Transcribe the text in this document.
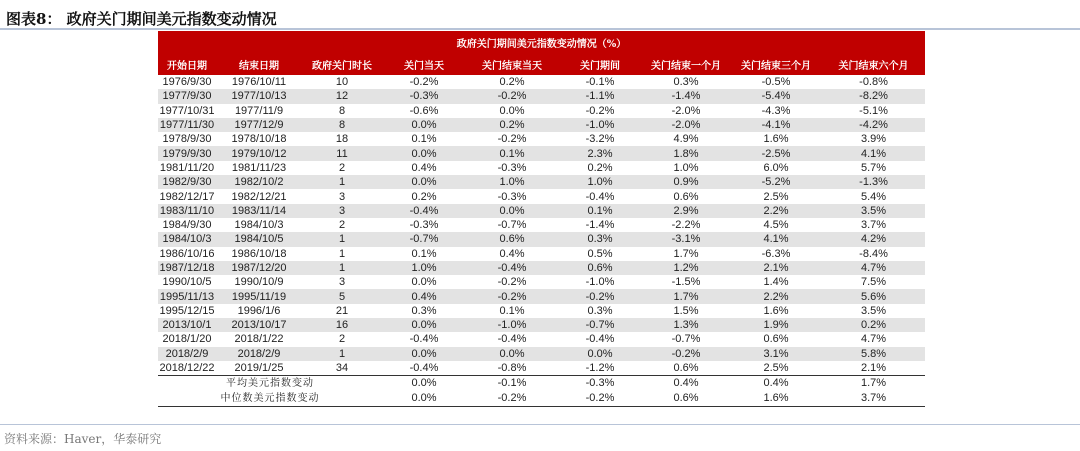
图表8： 政府关门期间美元指数变动情况
政府关门期间美元指数变动情况（%）								
开始日期	结束日期	政府关门时长	关门当天	关门结束当天	关门期间	关门结束一个月	关门结束三个月	关门结束六个月
1976/9/30	1976/10/11	10	-0.2%	0.2%	-0.1%	0.3%	-0.5%	-0.8%
1977/9/30	1977/10/13	12	-0.3%	-0.2%	-1.1%	-1.4%	-5.4%	-8.2%
1977/10/31	1977/11/9	8	-0.6%	0.0%	-0.2%	-2.0%	-4.3%	-5.1%
1977/11/30	1977/12/9	8	0.0%	0.2%	-1.0%	-2.0%	-4.1%	-4.2%
1978/9/30	1978/10/18	18	0.1%	-0.2%	-3.2%	4.9%	1.6%	3.9%
1979/9/30	1979/10/12	11	0.0%	0.1%	2.3%	1.8%	-2.5%	4.1%
1981/11/20	1981/11/23	2	0.4%	-0.3%	0.2%	1.0%	6.0%	5.7%
1982/9/30	1982/10/2	1	0.0%	1.0%	1.0%	0.9%	-5.2%	-1.3%
1982/12/17	1982/12/21	3	0.2%	-0.3%	-0.4%	0.6%	2.5%	5.4%
1983/11/10	1983/11/14	3	-0.4%	0.0%	0.1%	2.9%	2.2%	3.5%
1984/9/30	1984/10/3	2	-0.3%	-0.7%	-1.4%	-2.2%	4.5%	3.7%
1984/10/3	1984/10/5	1	-0.7%	0.6%	0.3%	-3.1%	4.1%	4.2%
1986/10/16	1986/10/18	1	0.1%	0.4%	0.5%	1.7%	-6.3%	-8.4%
1987/12/18	1987/12/20	1	1.0%	-0.4%	0.6%	1.2%	2.1%	4.7%
1990/10/5	1990/10/9	3	0.0%	-0.2%	-1.0%	-1.5%	1.4%	7.5%
1995/11/13	1995/11/19	5	0.4%	-0.2%	-0.2%	1.7%	2.2%	5.6%
1995/12/15	1996/1/6	21	0.3%	0.1%	0.3%	1.5%	1.6%	3.5%
2013/10/1	2013/10/17	16	0.0%	-1.0%	-0.7%	1.3%	1.9%	0.2%
2018/1/20	2018/1/22	2	-0.4%	-0.4%	-0.4%	-0.7%	0.6%	4.7%
2018/2/9	2018/2/9	1	0.0%	0.0%	0.0%	-0.2%	3.1%	5.8%
2018/12/22	2019/1/25	34	-0.4%	-0.8%	-1.2%	0.6%	2.5%	2.1%
平均美元指数变动			0.0%	-0.1%	-0.3%	0.4%	0.4%	1.7%
中位数美元指数变动			0.0%	-0.2%	-0.2%	0.6%	1.6%	3.7%
资料来源：Haver，华泰研究
